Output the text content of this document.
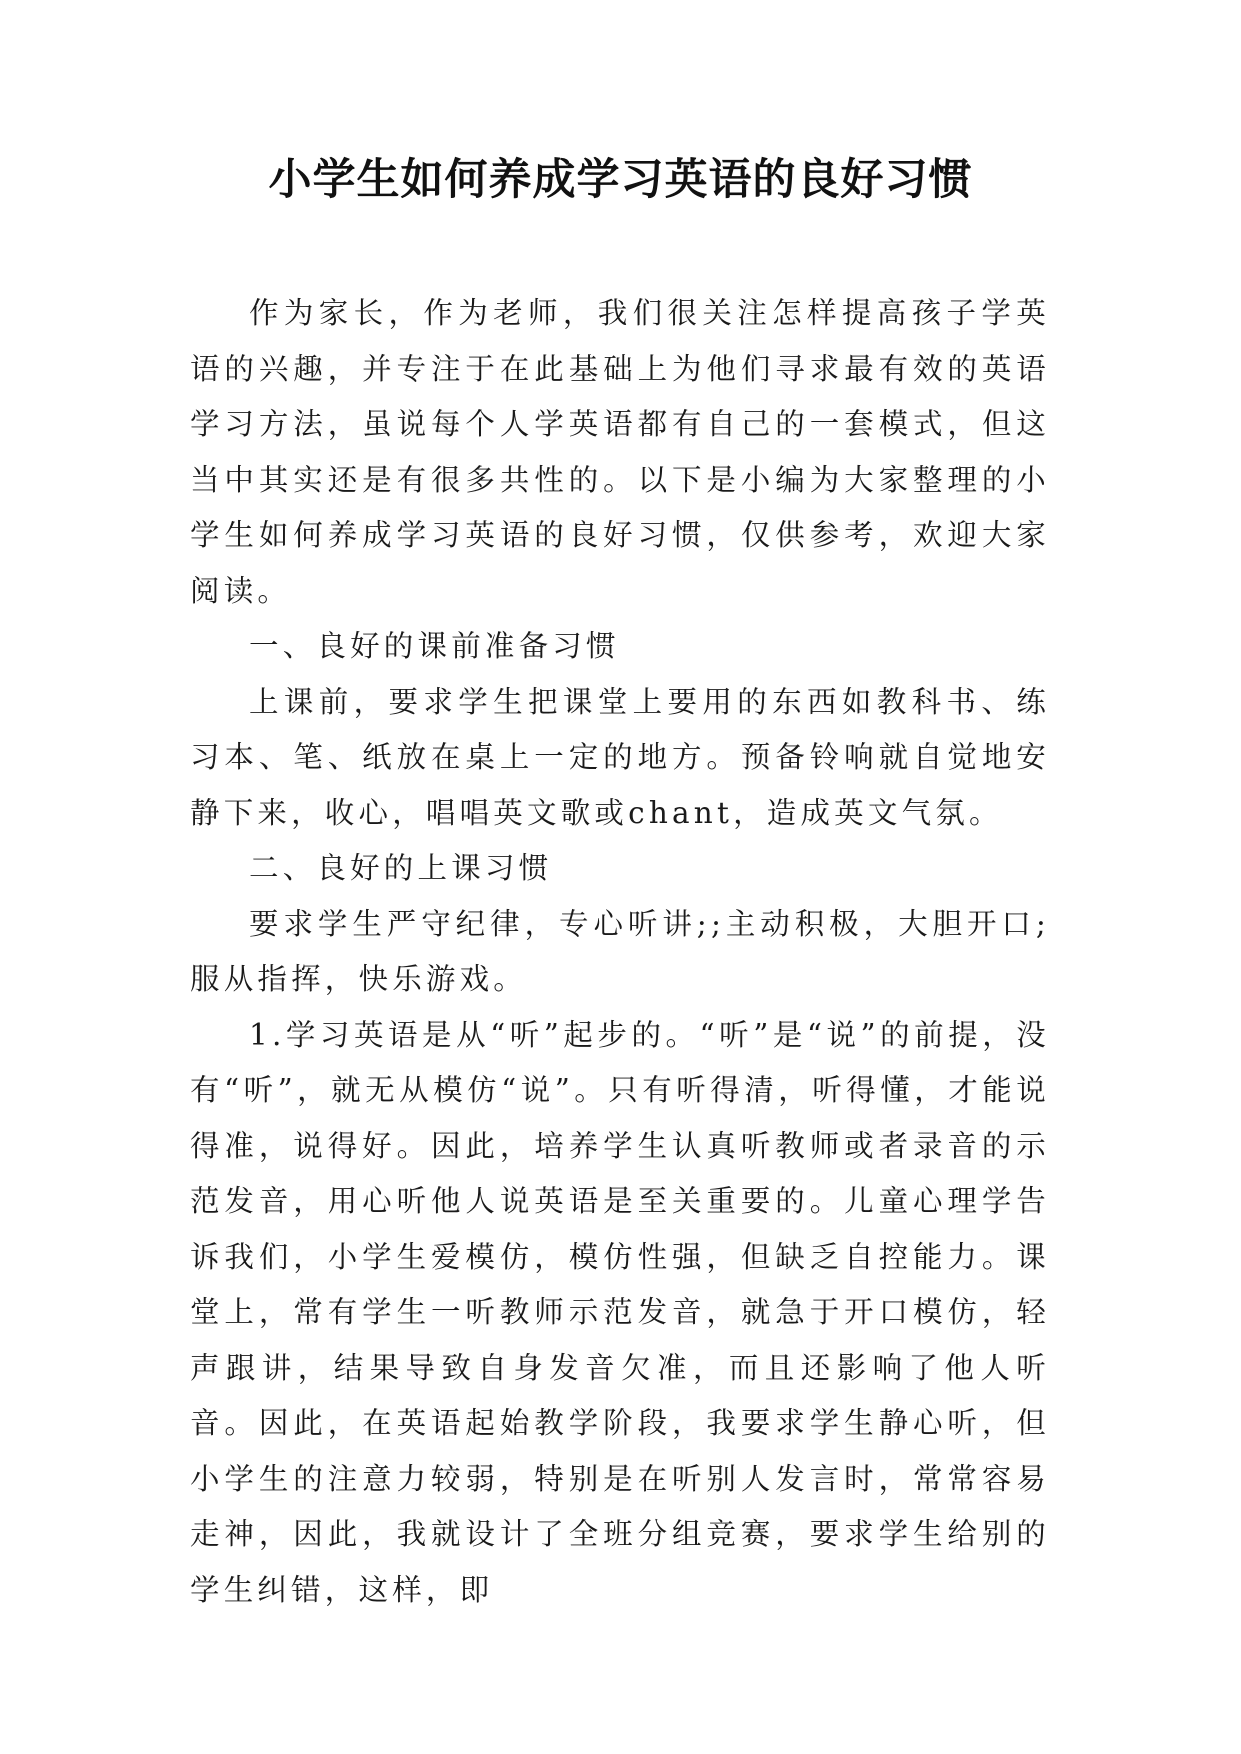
小学生如何养成学习英语的良好习惯

作为家长，作为老师，我们很关注怎样提高孩子学英语的兴趣，并专注于在此基础上为他们寻求最有效的英语学习方法，虽说每个人学英语都有自己的一套模式，但这当中其实还是有很多共性的。以下是小编为大家整理的小学生如何养成学习英语的良好习惯，仅供参考，欢迎大家阅读。

一、良好的课前准备习惯

上课前，要求学生把课堂上要用的东西如教科书、练习本、笔、纸放在桌上一定的地方。预备铃响就自觉地安静下来，收心，唱唱英文歌或chant，造成英文气氛。

二、良好的上课习惯

要求学生严守纪律，专心听讲;;主动积极，大胆开口;服从指挥，快乐游戏。

1.学习英语是从“听”起步的。“听”是“说”的前提，没有“听”，就无从模仿“说”。只有听得清，听得懂，才能说得准，说得好。因此，培养学生认真听教师或者录音的示范发音，用心听他人说英语是至关重要的。儿童心理学告诉我们，小学生爱模仿，模仿性强，但缺乏自控能力。课堂上，常有学生一听教师示范发音，就急于开口模仿，轻声跟讲，结果导致自身发音欠准，而且还影响了他人听音。因此，在英语起始教学阶段，我要求学生静心听，但小学生的注意力较弱，特别是在听别人发言时，常常容易走神，因此，我就设计了全班分组竞赛，要求学生给别的学生纠错，这样，即
